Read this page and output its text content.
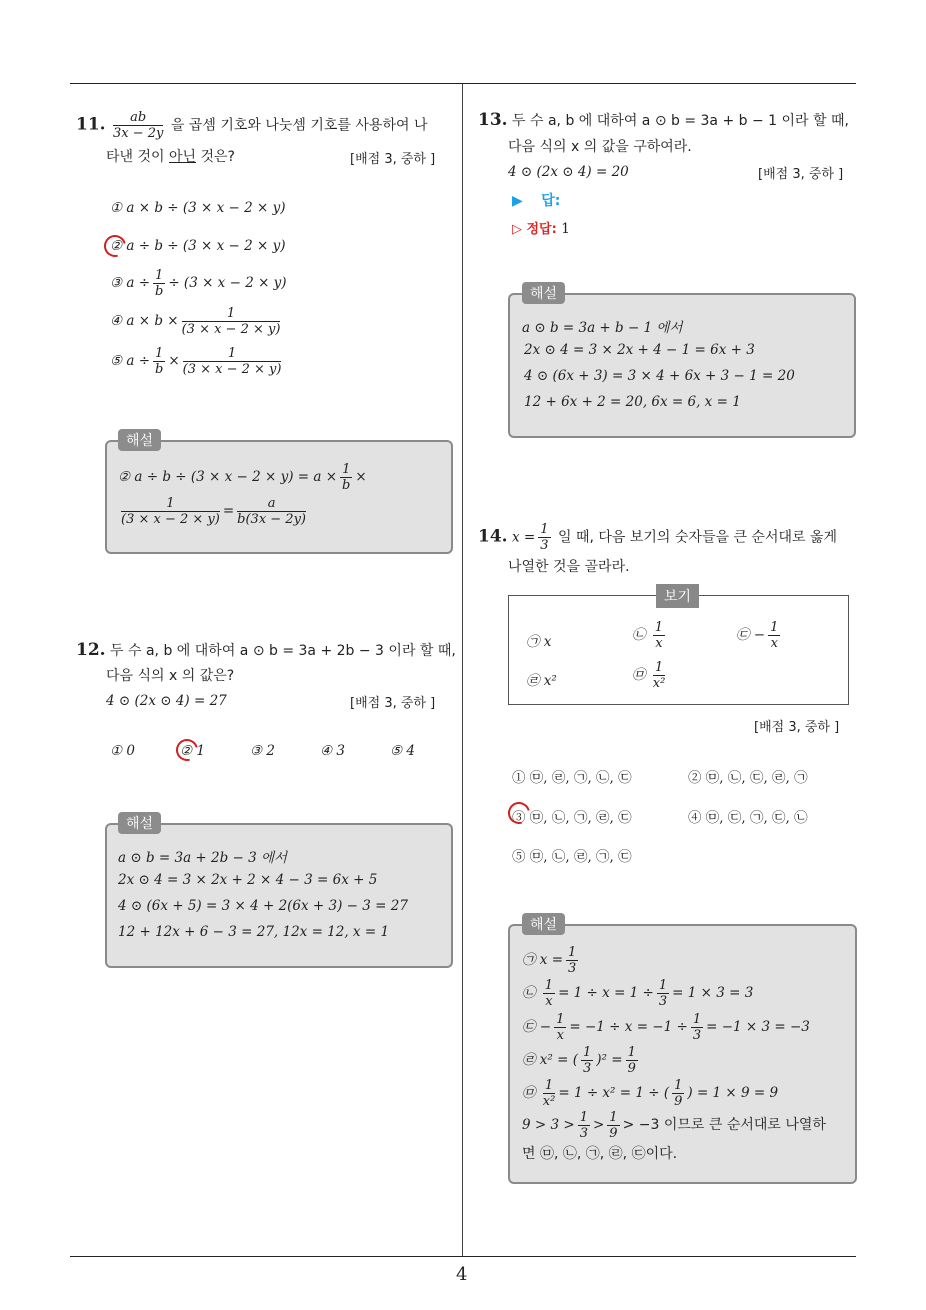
4
11. $\frac{ab}{3x - 2y}$ 을 곱셈 기호와 나눗셈 기호를 사용하여 나
타낸 것이 아닌 것은?	[배점 3, 중하 ]
① a × b ÷ (3 × x − 2 × y)
② a ÷ b ÷ (3 × x − 2 × y)
③ $a \div \frac{1}{b} \div (3 \times x - 2 \times y)$
④ $a \times b \times \frac{1}{(3 \times x - 2 \times y)}$
⑤ $a \div \frac{1}{b} \times \frac{1}{(3 \times x - 2 \times y)}$
해설
② $a \div b \div (3 \times x - 2 \times y) = a \times \frac{1}{b}$ ×
$\frac{1}{(3 \times x - 2 \times y)} = \frac{a}{b(3x - 2y)}$
12. 두 수 a, b 에 대하여 a ⊙ b = 3a + 2b − 3 이라 할 때,
다음 식의 x 의 값은?
4 ⊙ (2x ⊙ 4) = 27	[배점 3, 중하 ]
① 0	② 1	③ 2	④ 3	⑤ 4
해설
a ⊙ b = 3a + 2b − 3 에서
2x ⊙ 4 = 3 × 2x + 2 × 4 − 3 = 6x + 5
4 ⊙ (6x + 5) = 3 × 4 + 2(6x + 3) − 3 = 27
12 + 12x + 6 − 3 = 27, 12x = 12, x = 1
13. 두 수 a, b 에 대하여 a ⊙ b = 3a + b − 1 이라 할 때,
다음 식의 x 의 값을 구하여라.
4 ⊙ (2x ⊙ 4) = 20	[배점 3, 중하 ]
▶ 답:
▷ 정답: 1
해설
a ⊙ b = 3a + b − 1 에서
2x ⊙ 4 = 3 × 2x + 4 − 1 = 6x + 3
4 ⊙ (6x + 3) = 3 × 4 + 6x + 3 − 1 = 20
12 + 6x + 2 = 20, 6x = 6, x = 1
14. $x = \frac{1}{3}$ 일 때, 다음 보기의 숫자들을 큰 순서대로 옳게
나열한 것을 골라라.
보기
㉠ x	㉡ $\frac{1}{x}$	㉢ − $\frac{1}{x}$
㉣ x²	㉤ $\frac{1}{\text{x²}}$
[배점 3, 중하 ]
① ㉤, ㉣, ㉠, ㉡, ㉢	② ㉤, ㉡, ㉢, ㉣, ㉠
③ ㉤, ㉡, ㉠, ㉣, ㉢	④ ㉤, ㉢, ㉠, ㉢, ㉡
⑤ ㉤, ㉡, ㉣, ㉠, ㉢
해설
㉠ $x = \frac{1}{3}$
㉡ $\frac{1}{x} = 1 \div x = 1 \div \frac{1}{3} = 1 \times 3 = 3$
㉢ − $\frac{1}{x} = -1 \div x = -1 \div \frac{1}{3} = -1 \times 3 = -3$
㉣ x² = ( $\frac{1}{3} )^2 = \frac{1}{9}$
㉤ $\frac{1}{\text{x²}} = 1 \div x^2 = 1$ ÷ ( $\frac{1}{9}$ ) = 1 × 9 = 9
$9 > 3 > \frac{1}{3} > \frac{1}{9} > -3$ 이므로 큰 순서대로 나열하
면 ㉤, ㉡, ㉠, ㉣, ㉢이다.
